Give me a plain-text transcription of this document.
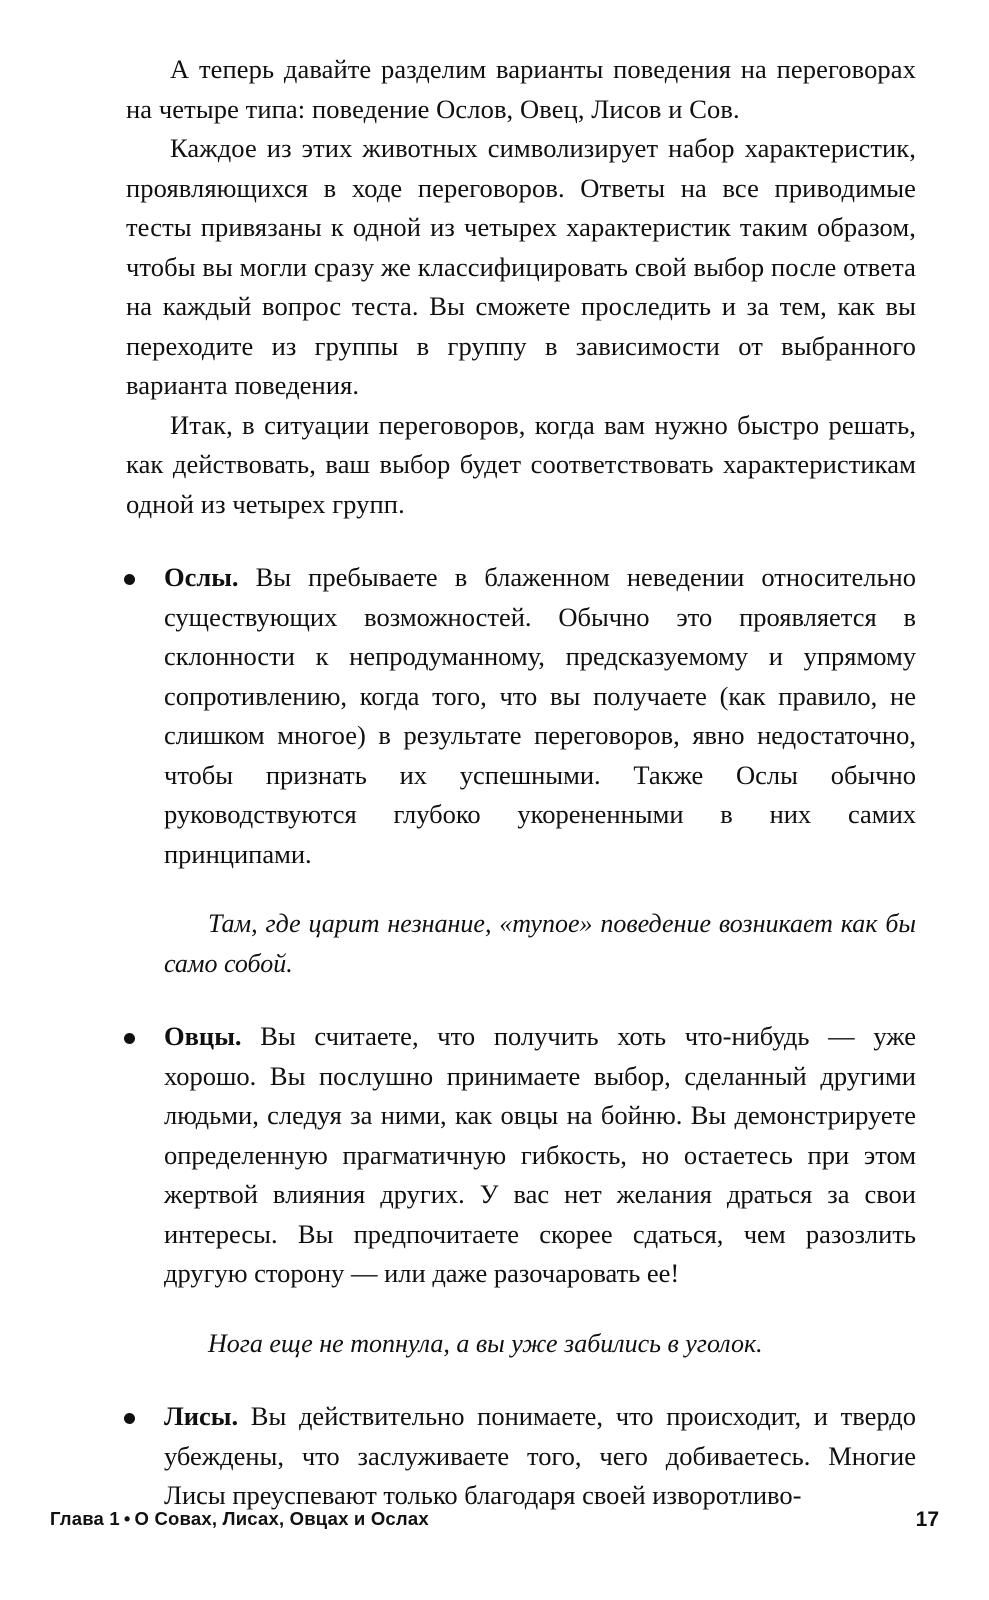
А теперь давайте разделим варианты поведения на переговорах на четыре типа: поведение Ослов, Овец, Лисов и Сов.

Каждое из этих животных символизирует набор характеристик, проявляющихся в ходе переговоров. Ответы на все приводимые тесты привязаны к одной из четырех характеристик таким образом, чтобы вы могли сразу же классифицировать свой выбор после ответа на каждый вопрос теста. Вы сможете проследить и за тем, как вы переходите из группы в группу в зависимости от выбранного варианта поведения.

Итак, в ситуации переговоров, когда вам нужно быстро решать, как действовать, ваш выбор будет соответствовать характеристикам одной из четырех групп.

Ослы. Вы пребываете в блаженном неведении относительно существующих возможностей. Обычно это проявляется в склонности к непродуманному, предсказуемому и упрямому сопротивлению, когда того, что вы получаете (как правило, не слишком многое) в результате переговоров, явно недостаточно, чтобы признать их успешными. Также Ослы обычно руководствуются глубоко укорененными в них самих принципами.

Там, где царит незнание, «тупое» поведение возникает как бы само собой.

Овцы. Вы считаете, что получить хоть что-нибудь — уже хорошо. Вы послушно принимаете выбор, сделанный другими людьми, следуя за ними, как овцы на бойню. Вы демонстрируете определенную прагматичную гибкость, но остаетесь при этом жертвой влияния других. У вас нет желания драться за свои интересы. Вы предпочитаете скорее сдаться, чем разозлить другую сторону — или даже разочаровать ее!

Нога еще не топнула, а вы уже забились в уголок.

Лисы. Вы действительно понимаете, что происходит, и твердо убеждены, что заслуживаете того, чего добиваетесь. Многие Лисы преуспевают только благодаря своей изворотливо-
Глава 1 • О Совах, Лисах, Овцах и Ослах	17
